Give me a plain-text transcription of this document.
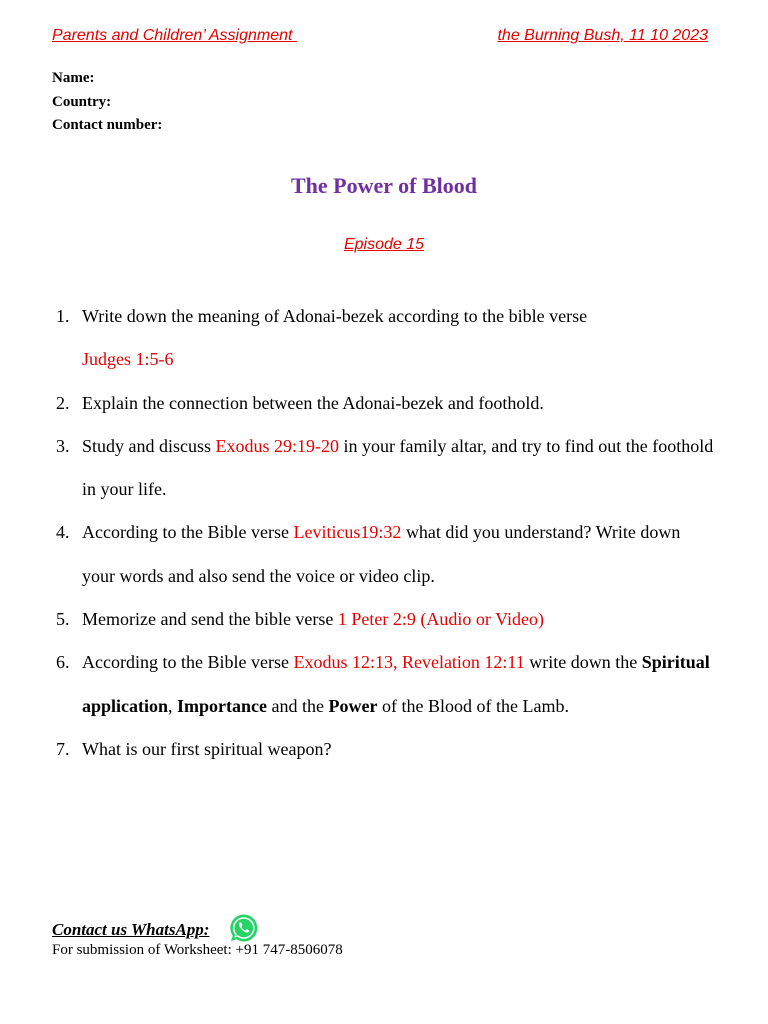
Parents and Children’ Assignment	the Burning Bush, 11 10 2023
Name:
Country:
Contact number:
The Power of Blood
Episode 15
1. Write down the meaning of Adonai-bezek according to the bible verse
Judges 1:5-6
2. Explain the connection between the Adonai-bezek and foothold.
3. Study and discuss Exodus 29:19-20 in your family altar, and try to find out the foothold in your life.
4. According to the Bible verse Leviticus19:32 what did you understand? Write down your words and also send the voice or video clip.
5. Memorize and send the bible verse 1 Peter 2:9 (Audio or Video)
6. According to the Bible verse Exodus 12:13, Revelation 12:11 write down the Spiritual application, Importance and the Power of the Blood of the Lamb.
7. What is our first spiritual weapon?
Contact us WhatsApp:
For submission of Worksheet: +91 747-8506078
